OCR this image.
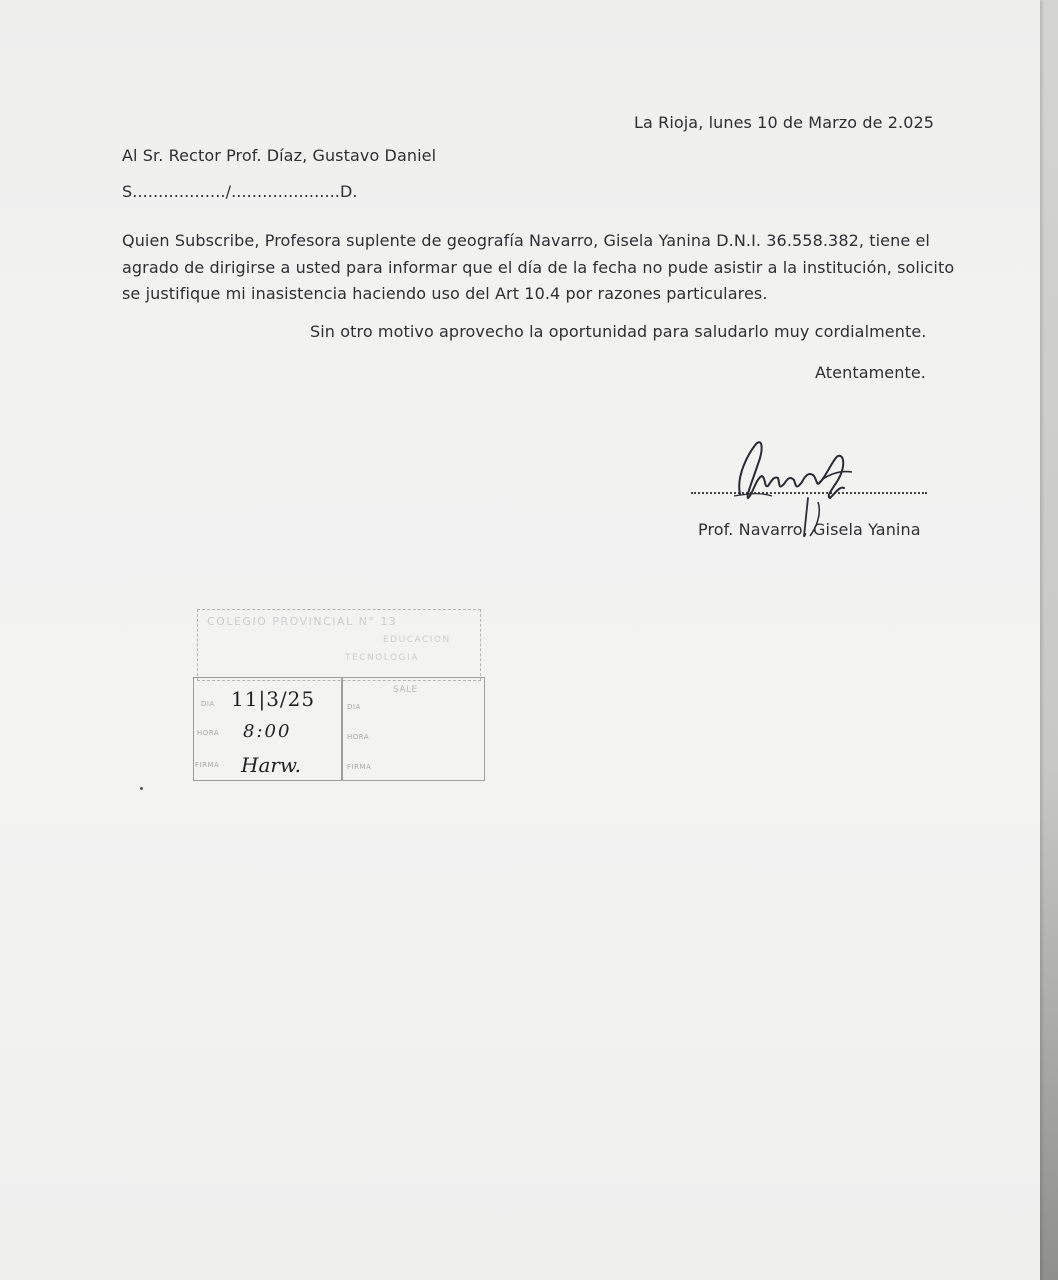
La Rioja, lunes 10 de Marzo de 2.025
Al Sr. Rector Prof. Díaz, Gustavo Daniel
S................../.....................D.
Quien Subscribe, Profesora suplente de geografía Navarro, Gisela Yanina D.N.I. 36.558.382, tiene el
agrado de dirigirse a usted para informar que el día de la fecha no pude asistir a la institución, solicito
se justifique mi inasistencia haciendo uso del Art 10.4 por razones particulares.
Sin otro motivo aprovecho la oportunidad para saludarlo muy cordialmente.
Atentamente.
Prof. Navarro, Gisela Yanina
COLEGIO PROVINCIAL N° 13
EDUCACION
TECNOLOGIA
DIA
HORA
FIRMA
11|3/25
8:00
Harw.
SALE
DIA
HORA
FIRMA
